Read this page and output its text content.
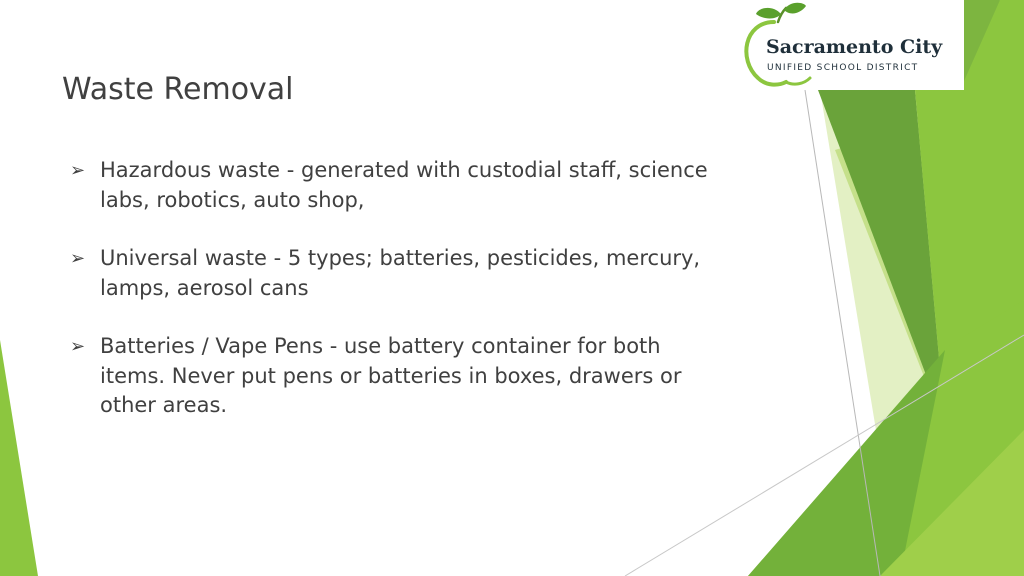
Sacramento City
UNIFIED SCHOOL DISTRICT
Waste Removal
➢ Hazardous waste - generated with custodial staff, science labs, robotics, auto shop,
➢ Universal waste - 5 types; batteries, pesticides, mercury, lamps, aerosol cans
➢ Batteries / Vape Pens - use battery container for both items. Never put pens or batteries in boxes, drawers or other areas.
